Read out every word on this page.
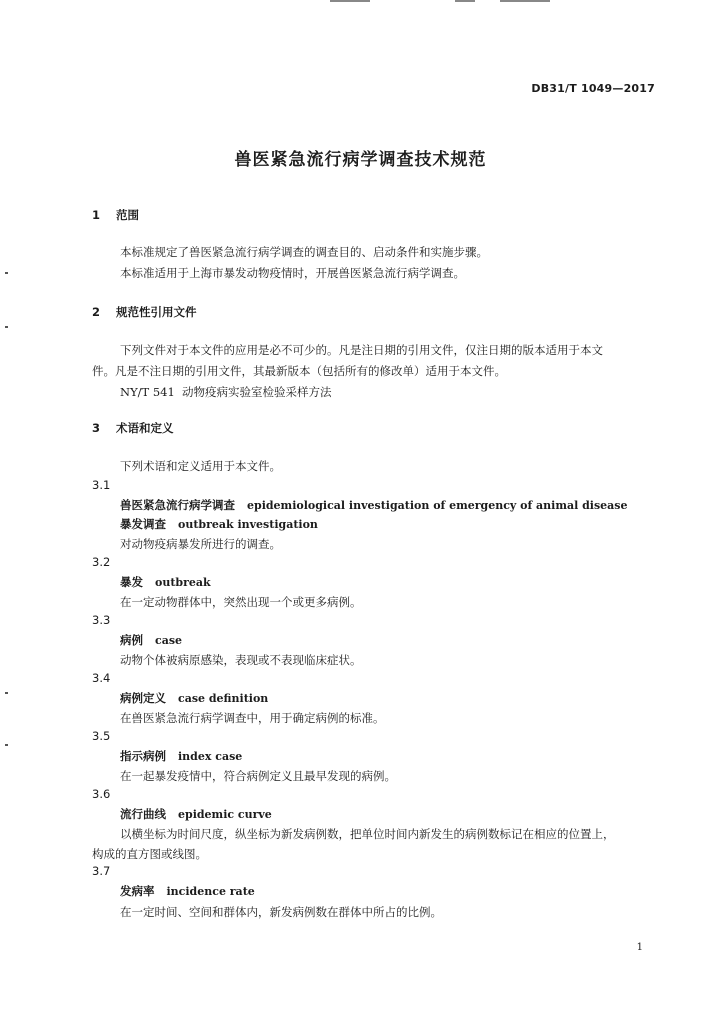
DB31/T 1049—2017
兽医紧急流行病学调查技术规范
1 范围
本标准规定了兽医紧急流行病学调查的调查目的、启动条件和实施步骤。
本标准适用于上海市暴发动物疫情时，开展兽医紧急流行病学调查。
2 规范性引用文件
下列文件对于本文件的应用是必不可少的。凡是注日期的引用文件，仅注日期的版本适用于本文
件。凡是不注日期的引用文件，其最新版本（包括所有的修改单）适用于本文件。
NY/T 541 动物疫病实验室检验采样方法
3 术语和定义
下列术语和定义适用于本文件。
3.1
兽医紧急流行病学调查 epidemiological investigation of emergency of animal disease
暴发调查 outbreak investigation
对动物疫病暴发所进行的调查。
3.2
暴发 outbreak
在一定动物群体中，突然出现一个或更多病例。
3.3
病例 case
动物个体被病原感染，表现或不表现临床症状。
3.4
病例定义 case definition
在兽医紧急流行病学调查中，用于确定病例的标准。
3.5
指示病例 index case
在一起暴发疫情中，符合病例定义且最早发现的病例。
3.6
流行曲线 epidemic curve
以横坐标为时间尺度，纵坐标为新发病例数，把单位时间内新发生的病例数标记在相应的位置上，
构成的直方图或线图。
3.7
发病率 incidence rate
在一定时间、空间和群体内，新发病例数在群体中所占的比例。
1
